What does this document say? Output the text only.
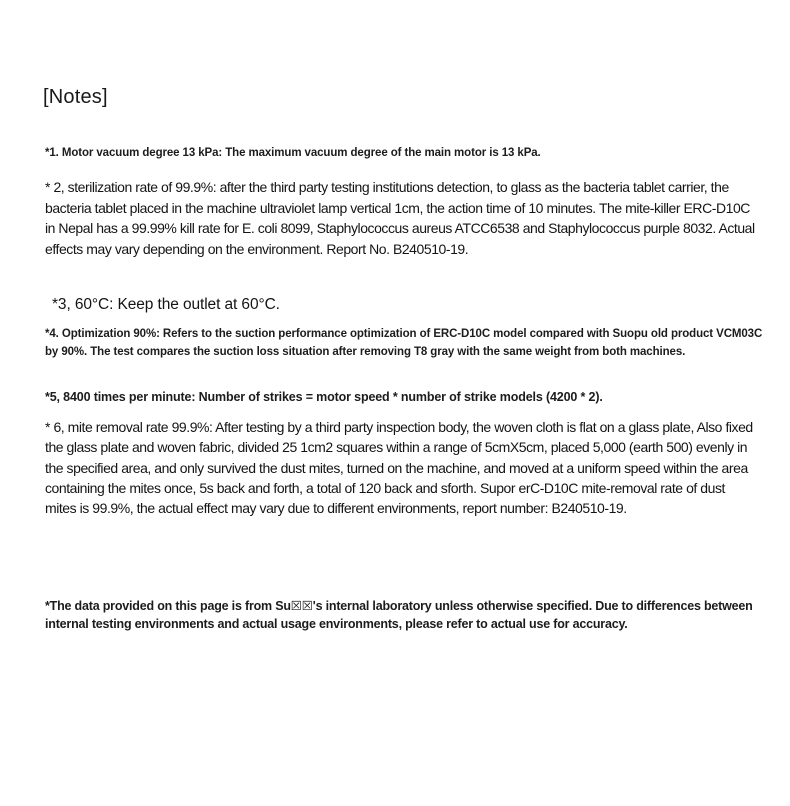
[Notes]

*1. Motor vacuum degree 13 kPa: The maximum vacuum degree of the main motor is 13 kPa.

* 2, sterilization rate of 99.9%: after the third party testing institutions detection, to glass as the bacteria tablet carrier, the bacteria tablet placed in the machine ultraviolet lamp vertical 1cm, the action time of 10 minutes. The mite-killer ERC-D10C in Nepal has a 99.99% kill rate for E. coli 8099, Staphylococcus aureus ATCC6538 and Staphylococcus purple 8032. Actual effects may vary depending on the environment. Report No. B240510-19.

*3, 60°C: Keep the outlet at 60°C.

*4. Optimization 90%: Refers to the suction performance optimization of ERC-D10C model compared with Suopu old product VCM03C by 90%. The test compares the suction loss situation after removing T8 gray with the same weight from both machines.

*5, 8400 times per minute: Number of strikes = motor speed * number of strike models (4200 * 2).

* 6, mite removal rate 99.9%: After testing by a third party inspection body, the woven cloth is flat on a glass plate, Also fixed the glass plate and woven fabric, divided 25 1cm2 squares within a range of 5cmX5cm, placed 5,000 (earth 500) evenly in the specified area, and only survived the dust mites, turned on the machine, and moved at a uniform speed within the area containing the mites once, 5s back and forth, a total of 120 back and sforth. Supor erC-D10C mite-removal rate of dust mites is 99.9%, the actual effect may vary due to different environments, report number: B240510-19.

*The data provided on this page is from Su☒☒'s internal laboratory unless otherwise specified. Due to differences between internal testing environments and actual usage environments, please refer to actual use for accuracy.
